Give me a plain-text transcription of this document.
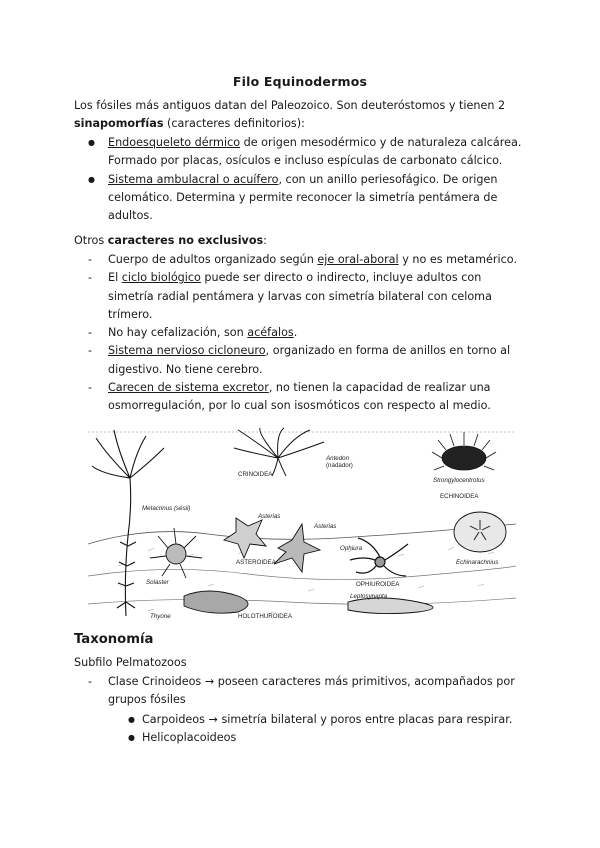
Filo Equinodermos
Los fósiles más antiguos datan del Paleozoico. Son deuteróstomos y tienen 2
sinapomorfías (caracteres definitorios):
● Endoesqueleto dérmico de origen mesodérmico y de naturaleza calcárea. Formado por placas, osículos e incluso espículas de carbonato cálcico.
● Sistema ambulacral o acuífero, con un anillo periesofágico. De origen celomático. Determina y permite reconocer la simetría pentámera de adultos.
Otros caracteres no exclusivos:
- Cuerpo de adultos organizado según eje oral-aboral y no es metamérico.
- El ciclo biológico puede ser directo o indirecto, incluye adultos con simetría radial pentámera y larvas con simetría bilateral con celoma trímero.
- No hay cefalización, son acéfalos.
- Sistema nervioso cicloneuro, organizado en forma de anillos en torno al digestivo. No tiene cerebro.
- Carecen de sistema excretor, no tienen la capacidad de realizar una osmorregulación, por lo cual son isosmóticos con respecto al medio.
CRINOIDEA
Antedon
(nadador)
Metacrinus (sésil)
Strongylocentrotus
ECHINOIDEA
Asterias
Asterias
Ophiura
ASTEROIDEA
OPHIUROIDEA
Echinarachnius
Solaster
Leptosynapta
Thyone	HOLOTHUROIDEA
Taxonomía
Subfilo Pelmatozoos
- Clase Crinoideos → poseen caracteres más primitivos, acompañados por grupos fósiles
● Carpoideos → simetría bilateral y poros entre placas para respirar.
● Helicoplacoideos
